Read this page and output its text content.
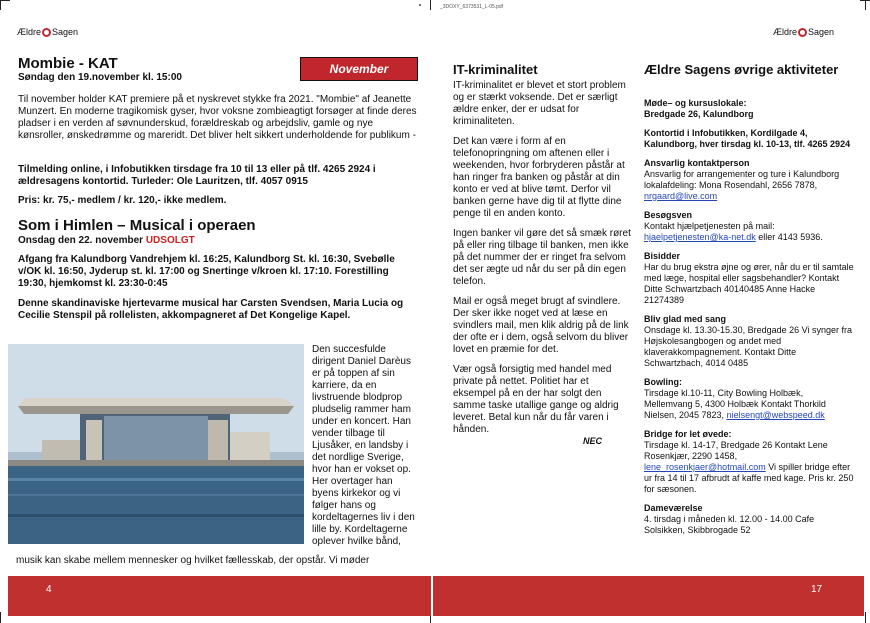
_3DOXY_6373531_L-05.pdf
Ældre Sagen
Mombie - KAT
Søndag den 19.november kl. 15:00
November
Til november holder KAT premiere på et nyskrevet stykke fra 2021. "Mombie" af Jeanette Munzert. En moderne tragikomisk gyser, hvor voksne zombieagtigt forsøger at finde deres pladser i en verden af søvnunderskud, forældreskab og arbejdsliv, gamle og nye kønsroller, ønskedrømme og mareridt. Det bliver helt sikkert underholdende for publikum -
Tilmelding online, i Infobutikken tirsdage fra 10 til 13 eller på tlf. 4265 2924 i ældresagens kontortid. Turleder: Ole Lauritzen, tlf. 4057 0915
Pris: kr. 75,- medlem / kr. 120,- ikke medlem.
Som i Himlen – Musical i operaen
Onsdag den 22. november UDSOLGT
Afgang fra Kalundborg Vandrehjem kl. 16:25, Kalundborg St. kl. 16:30, Svebølle v/OK kl. 16:50, Jyderup st. kl. 17:00 og Snertinge v/kroen kl. 17:10. Forestilling 19:30, hjemkomst kl. 23:30-0:45
Denne skandinaviske hjertevarme musical har Carsten Svendsen, Maria Lucia og Cecilie Stenspil på rollelisten, akkompagneret af Det Kongelige Kapel.
Den succesfulde
dirigent Daniel Darèus
er på toppen af sin
karriere, da en
livstruende blodprop
pludselig rammer ham
under en koncert. Han
vender tilbage til
Ljusåker, en landsby i
det nordlige Sverige,
hvor han er vokset op.
Her overtager han
byens kirkekor og vi
følger hans og
kordeltagernes liv i den
lille by. Kordeltagerne
oplever hvilke bånd,
musik kan skabe mellem mennesker og hvilket fællesskab, der opstår. Vi møder
4
Ældre Sagen
IT-kriminalitet

IT-kriminalitet er blevet et stort problem og er stærkt voksende. Det er særligt ældre enker, der er udsat for kriminaliteten.

Det kan være i form af en telefonopringning om aftenen eller i weekenden, hvor forbryderen påstår at han ringer fra banken og påstår at din konto er ved at blive tømt. Derfor vil banken gerne have dig til at flytte dine penge til en anden konto.

Ingen banker vil gøre det så smæk røret på eller ring tilbage til banken, men ikke på det nummer der er ringet fra selvom det ser ægte ud når du ser på din egen telefon.

Mail er også meget brugt af svindlere. Der sker ikke noget ved at læse en svindlers mail, men klik aldrig på de link der ofte er i dem, også selvom du bliver lovet en præmie for det.

Vær også forsigtig med handel med private på nettet. Politiet har et eksempel på en der har solgt den samme taske utallige gange og aldrig leveret. Betal kun når du får varen i hånden.

NEC
Ældre Sagens øvrige aktiviteter
Møde– og kursuslokale:
Bredgade 26, Kalundborg
Kontortid i Infobutikken, Kordilgade 4, Kalundborg, hver tirsdag kl. 10-13, tlf. 4265 2924
Ansvarlig kontaktperson
Ansvarlig for arrangementer og ture i Kalundborg lokalafdeling: Mona Rosendahl, 2656 7878, nrgaard@live.com
Besøgsven
Kontakt hjælpetjenesten på mail: hjaelpetjenesten@ka-net.dk eller 4143 5936.
Bisidder
Har du brug ekstra øjne og ører, når du er til samtale med læge, hospital eller sagsbehandler? Kontakt Ditte Schwartzbach 40140485 Anne Hacke 21274389
Bliv glad med sang
Onsdage kl. 13.30-15.30, Bredgade 26 Vi synger fra Højskolesangbogen og andet med klaverakkompagnement. Kontakt Ditte Schwartzbach, 4014 0485
Bowling:
Tirsdage kl.10-11, City Bowling Holbæk, Mellemvang 5, 4300 Holbæk Kontakt Thorkild Nielsen, 2045 7823, nielsengt@webspeed.dk
Bridge for let øvede:
Tirsdage kl. 14-17, Bredgade 26 Kontakt Lene Rosenkjær, 2290 1458, lene_rosenkjaer@hotmail.com Vi spiller bridge efter ur fra 14 til 17 afbrudt af kaffe med kage. Pris kr. 250 for sæsonen.
Dameværelse
4. tirsdag i måneden kl. 12.00 - 14.00 Cafe Solsikken, Skibbrogade 52
17
